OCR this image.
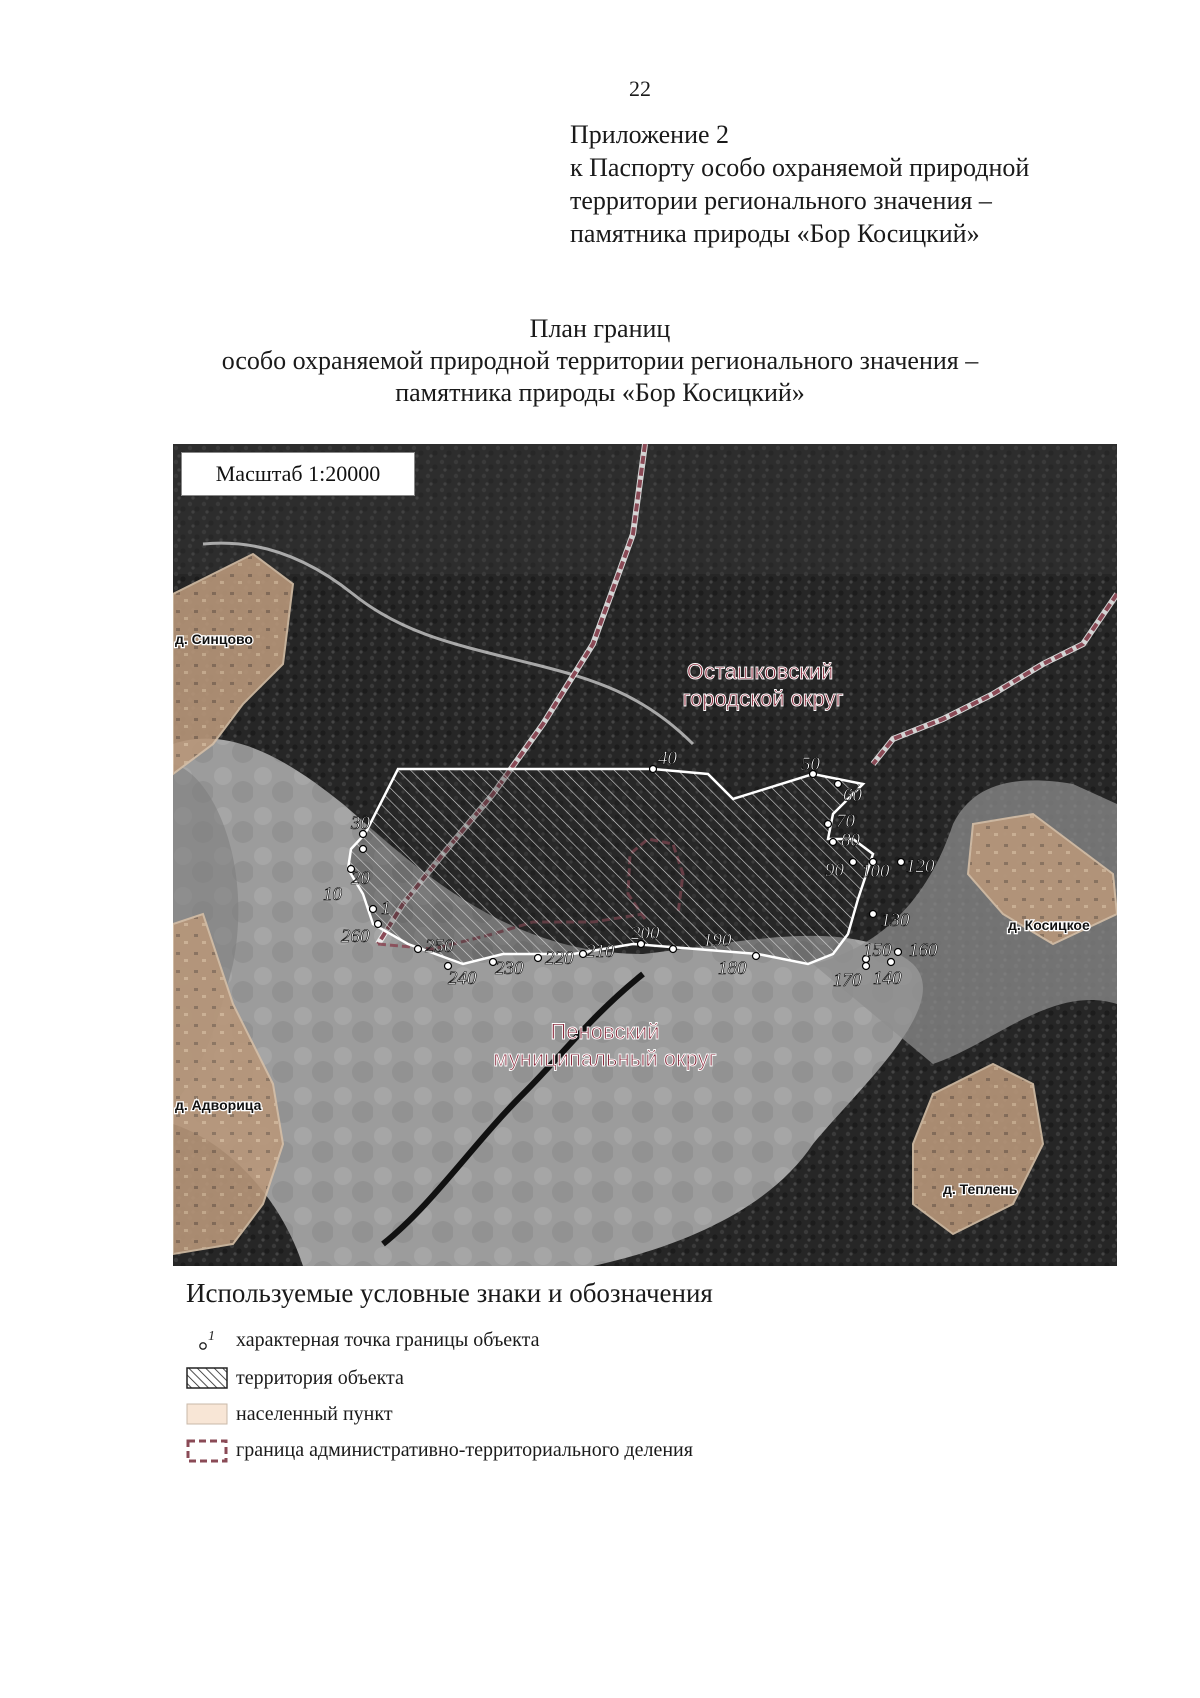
22
Приложение 2
к Паспорту особо охраняемой природной
территории регионального значения –
памятника природы «Бор Косицкий»
План границ
особо охраняемой природной территории регионального значения –
памятника природы «Бор Косицкий»
1
10
20
30
40	50
60
70
80
90 100 120
130
140
150 160
170
180
190
200
210
220
230
240
250
260
Осташковский
городской округ
Пеновский
муниципальный округ
д. Синцово
д. Косицкое
д. Адворица
д. Теплень
Масштаб 1:20000
Используемые условные знаки и обозначения
1 характерная точка границы объекта
территория объекта
населенный пункт
граница административно-территориального деления
